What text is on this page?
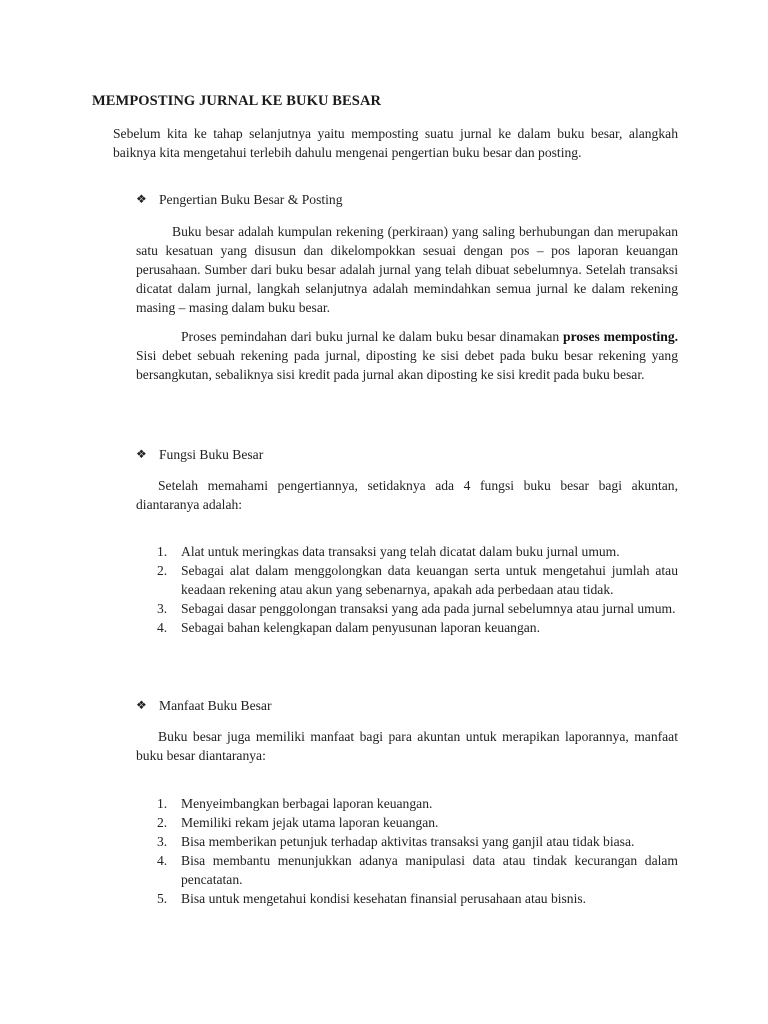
MEMPOSTING JURNAL KE BUKU BESAR

Sebelum kita ke tahap selanjutnya yaitu memposting suatu jurnal ke dalam buku besar, alangkah baiknya kita mengetahui terlebih dahulu mengenai pengertian buku besar dan posting.

❖ Pengertian Buku Besar & Posting

Buku besar adalah kumpulan rekening (perkiraan) yang saling berhubungan dan merupakan satu kesatuan yang disusun dan dikelompokkan sesuai dengan pos – pos laporan keuangan perusahaan. Sumber dari buku besar adalah jurnal yang telah dibuat sebelumnya. Setelah transaksi dicatat dalam jurnal, langkah selanjutnya adalah memindahkan semua jurnal ke dalam rekening masing – masing dalam buku besar.

Proses pemindahan dari buku jurnal ke dalam buku besar dinamakan proses memposting. Sisi debet sebuah rekening pada jurnal, diposting ke sisi debet pada buku besar rekening yang bersangkutan, sebaliknya sisi kredit pada jurnal akan diposting ke sisi kredit pada buku besar.

❖ Fungsi Buku Besar

Setelah memahami pengertiannya, setidaknya ada 4 fungsi buku besar bagi akuntan, diantaranya adalah:

1.	Alat untuk meringkas data transaksi yang telah dicatat dalam buku jurnal umum.
2.	Sebagai alat dalam menggolongkan data keuangan serta untuk mengetahui jumlah atau keadaan rekening atau akun yang sebenarnya, apakah ada perbedaan atau tidak.
3.	Sebagai dasar penggolongan transaksi yang ada pada jurnal sebelumnya atau jurnal umum.
4.	Sebagai bahan kelengkapan dalam penyusunan laporan keuangan.
❖ Manfaat Buku Besar

Buku besar juga memiliki manfaat bagi para akuntan untuk merapikan laporannya, manfaat buku besar diantaranya:

1.	Menyeimbangkan berbagai laporan keuangan.
2.	Memiliki rekam jejak utama laporan keuangan.
3.	Bisa memberikan petunjuk terhadap aktivitas transaksi yang ganjil atau tidak biasa.
4.	Bisa membantu menunjukkan adanya manipulasi data atau tindak kecurangan dalam pencatatan.
5.	Bisa untuk mengetahui kondisi kesehatan finansial perusahaan atau bisnis.
